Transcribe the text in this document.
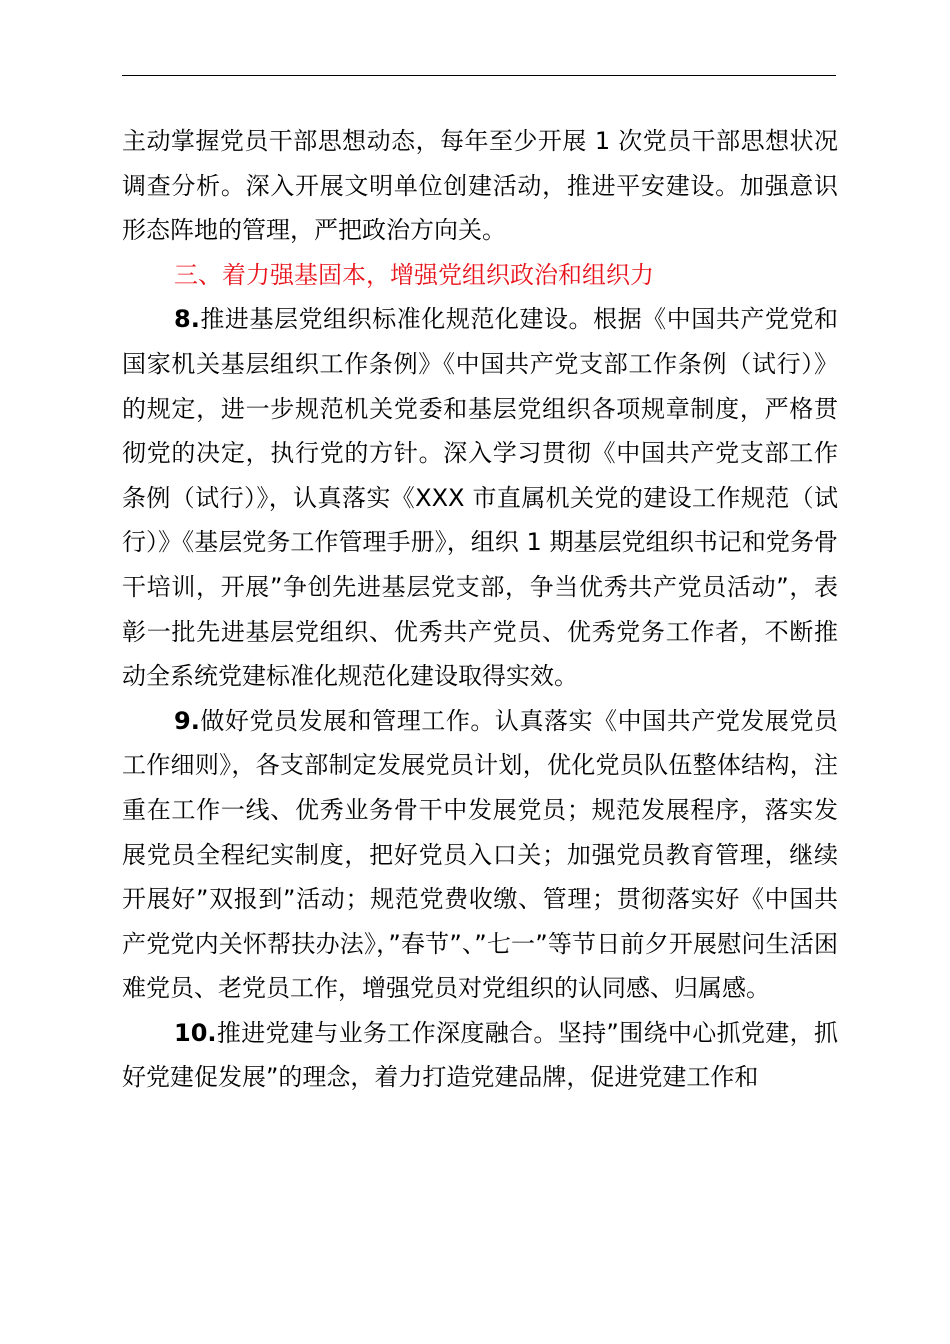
主动掌握党员干部思想动态，每年至少开展 1 次党员干部思想状况调查分析。深入开展文明单位创建活动，推进平安建设。加强意识形态阵地的管理，严把政治方向关。

三、着力强基固本，增强党组织政治和组织力

8.推进基层党组织标准化规范化建设。根据《中国共产党党和国家机关基层组织工作条例》《中国共产党支部工作条例（试行）》的规定，进一步规范机关党委和基层党组织各项规章制度，严格贯彻党的决定，执行党的方针。深入学习贯彻《中国共产党支部工作条例（试行）》，认真落实《XXX 市直属机关党的建设工作规范（试行）》《基层党务工作管理手册》，组织 1 期基层党组织书记和党务骨干培训，开展”争创先进基层党支部，争当优秀共产党员活动”，表彰一批先进基层党组织、优秀共产党员、优秀党务工作者，不断推动全系统党建标准化规范化建设取得实效。

9.做好党员发展和管理工作。认真落实《中国共产党发展党员工作细则》，各支部制定发展党员计划，优化党员队伍整体结构，注重在工作一线、优秀业务骨干中发展党员；规范发展程序，落实发展党员全程纪实制度，把好党员入口关；加强党员教育管理，继续开展好”双报到”活动；规范党费收缴、管理；贯彻落实好《中国共产党党内关怀帮扶办法》，”春节”、”七一”等节日前夕开展慰问生活困难党员、老党员工作，增强党员对党组织的认同感、归属感。

10.推进党建与业务工作深度融合。坚持”围绕中心抓党建，抓好党建促发展”的理念，着力打造党建品牌，促进党建工作和
